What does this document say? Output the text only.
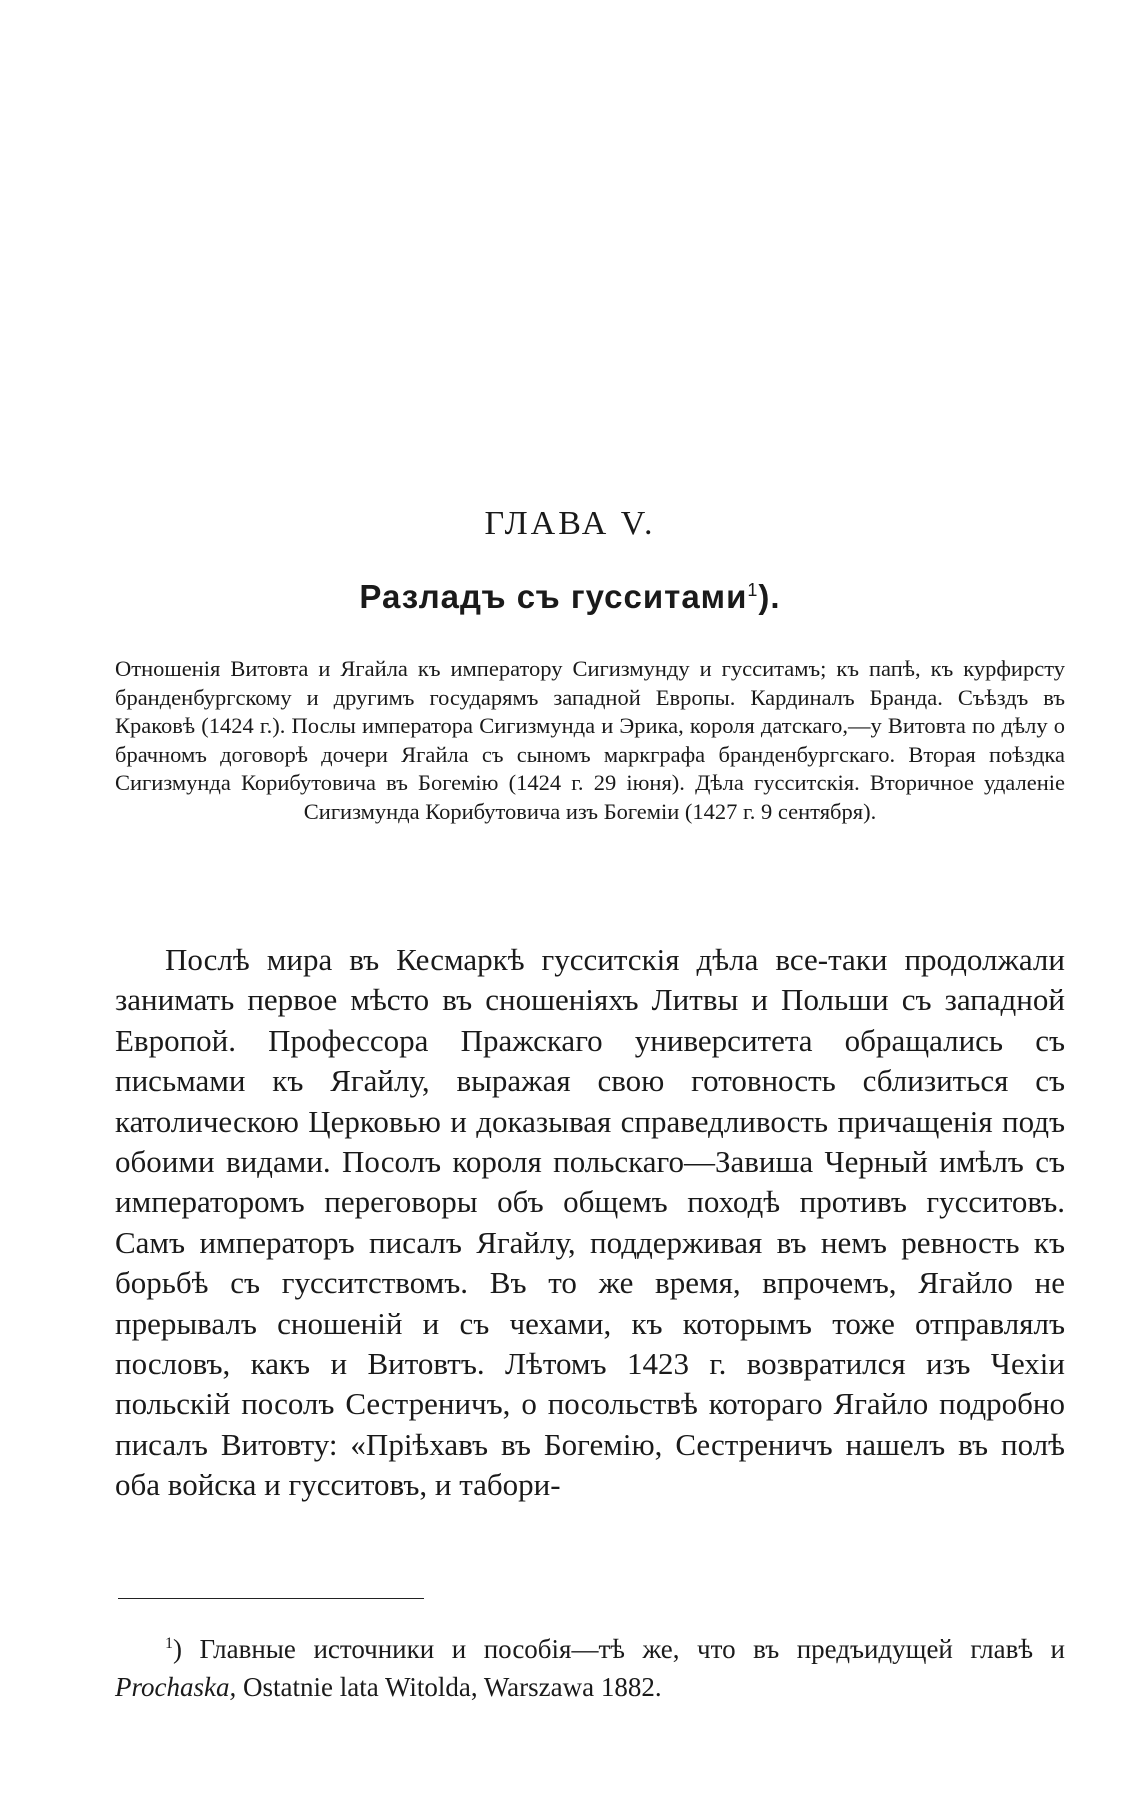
ГЛАВА V.
Разладъ съ гусситами$^1$).
Отношенія Витовта и Ягайла къ императору Сигизмунду и гусситамъ; къ папѣ, къ курфирсту бранденбургскому и другимъ государямъ западной Европы. Кардиналъ Бранда. Съѣздъ въ Краковѣ (1424 г.). Послы императора Сигизмунда и Эрика, короля датскаго,—у Витовта по дѣлу о брачномъ договорѣ дочери Ягайла съ сыномъ маркграфа бранденбургскаго. Вторая поѣздка Сигизмунда Корибутовича въ Богемію (1424 г. 29 іюня). Дѣла гусситскія. Вторичное удаленіе Сигизмунда Корибутовича изъ Богеміи (1427 г. 9 сентября).
Послѣ мира въ Кесмаркѣ гусситскія дѣла все-таки продолжали занимать первое мѣсто въ сношеніяхъ Литвы и Польши съ западной Европой. Профессора Пражскаго университета обращались съ письмами къ Ягайлу, выражая свою готовность сблизиться съ католическою Церковью и доказывая справедливость причащенія подъ обоими видами. Посолъ короля польскаго—Завиша Черный имѣлъ съ императоромъ переговоры объ общемъ походѣ противъ гусситовъ. Самъ императоръ писалъ Ягайлу, поддерживая въ немъ ревность къ борьбѣ съ гусситствомъ. Въ то же время, впрочемъ, Ягайло не прерывалъ сношеній и съ чехами, къ которымъ тоже отправлялъ пословъ, какъ и Витовтъ. Лѣтомъ 1423 г. возвратился изъ Чехіи польскій посолъ Сестреничъ, о посольствѣ котораго Ягайло подробно писалъ Витовту: «Пріѣхавъ въ Богемію, Сестреничъ нашелъ въ полѣ оба войска и гусситовъ, и табори-
$^1$) Главные источники и пособія—тѣ же, что въ предъидущей главѣ и Prochaska, Ostatnie lata Witolda, Warszawa 1882.
